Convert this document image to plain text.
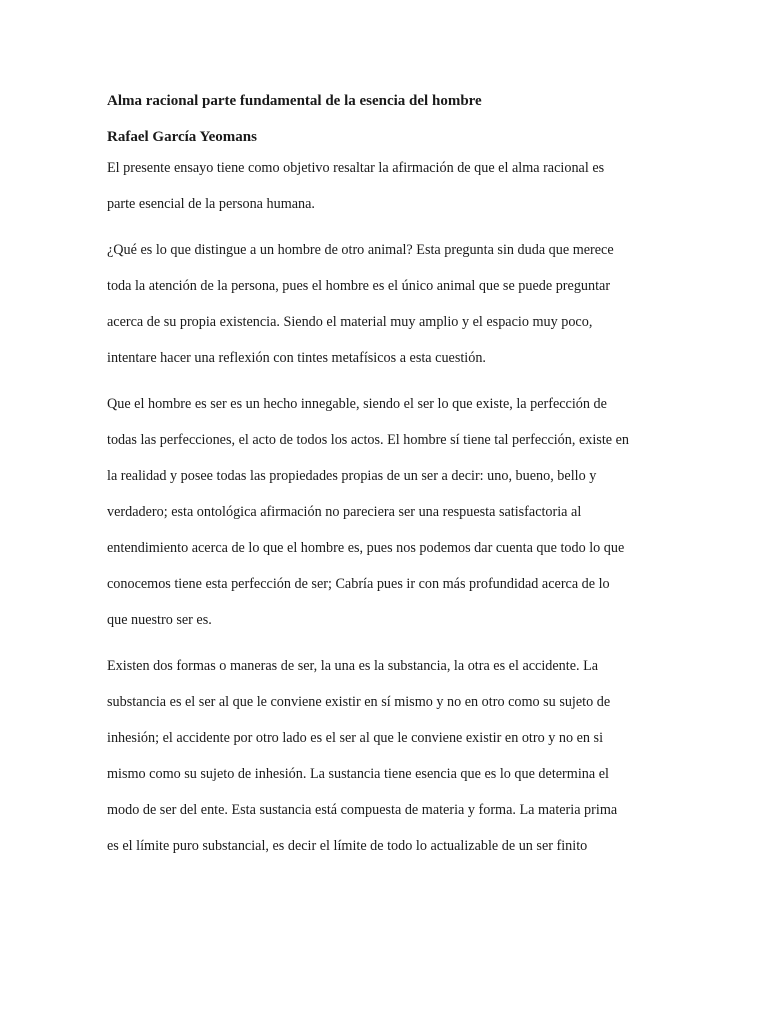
Alma racional parte fundamental de la esencia del hombre
Rafael García Yeomans

El presente ensayo tiene como objetivo resaltar la afirmación de que el alma racional es
parte esencial de la persona humana.

¿Qué es lo que distingue a un hombre de otro animal? Esta pregunta sin duda que merece
toda la atención de la persona, pues el hombre es el único animal que se puede preguntar
acerca de su propia existencia. Siendo el material muy amplio y el espacio muy poco,
intentare hacer una reflexión con tintes metafísicos a esta cuestión.

Que el hombre es ser es un hecho innegable, siendo el ser lo que existe, la perfección de
todas las perfecciones, el acto de todos los actos. El hombre sí tiene tal perfección, existe en
la realidad y posee todas las propiedades propias de un ser a decir: uno, bueno, bello y
verdadero; esta ontológica afirmación no pareciera ser una respuesta satisfactoria al
entendimiento acerca de lo que el hombre es, pues nos podemos dar cuenta que todo lo que
conocemos tiene esta perfección de ser; Cabría pues ir con más profundidad acerca de lo
que nuestro ser es.

Existen dos formas o maneras de ser, la una es la substancia, la otra es el accidente. La
substancia es el ser al que le conviene existir en sí mismo y no en otro como su sujeto de
inhesión; el accidente por otro lado es el ser al que le conviene existir en otro y no en si
mismo como su sujeto de inhesión. La sustancia tiene esencia que es lo que determina el
modo de ser del ente. Esta sustancia está compuesta de materia y forma. La materia prima
es el límite puro substancial, es decir el límite de todo lo actualizable de un ser finito
